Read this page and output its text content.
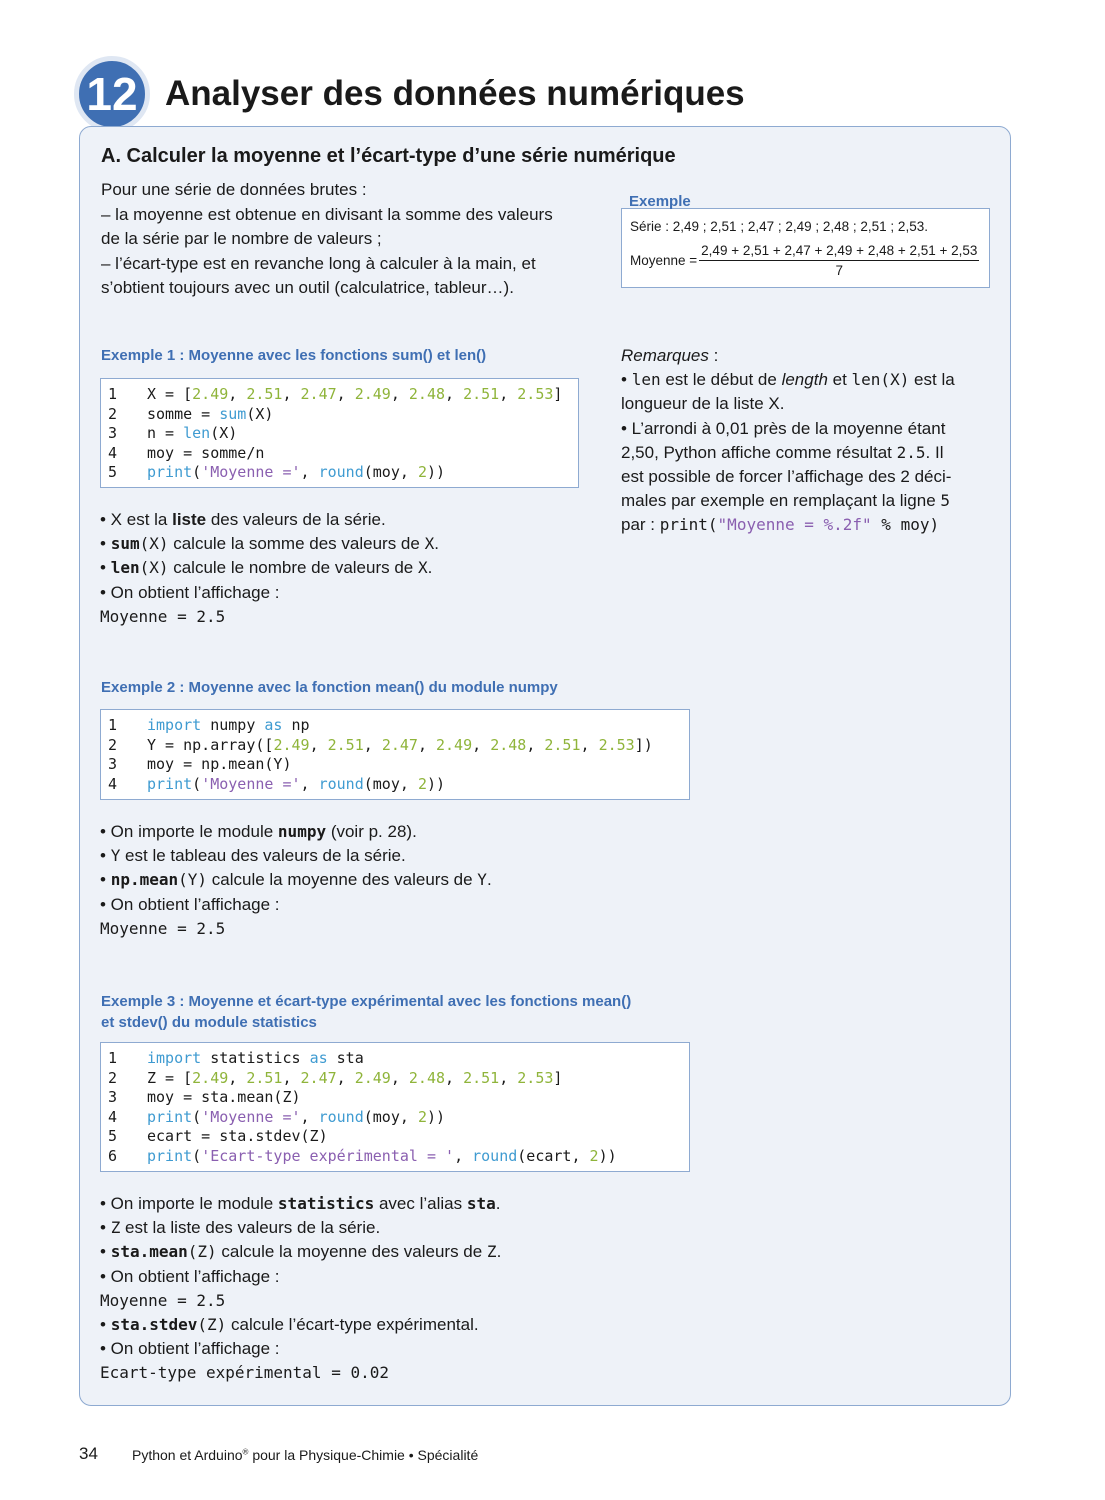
12 Analyser des données numériques
A. Calculer la moyenne et l’écart-type d’une série numérique
Pour une série de données brutes :
– la moyenne est obtenue en divisant la somme des valeurs
de la série par le nombre de valeurs ;
– l’écart-type est en revanche long à calculer à la main, et
s’obtient toujours avec un outil (calculatrice, tableur…).
Série : 2,49 ; 2,51 ; 2,47 ; 2,49 ; 2,48 ; 2,51 ; 2,53.
Moyenne = $\frac{2,49 + 2,51 + 2,47 + 2,49 + 2,48 + 2,51 + 2,53}{7}$
Exemple
Exemple 1 : Moyenne avec les fonctions sum() et len()
1	X = [2.49, 2.51, 2.47, 2.49, 2.48, 2.51, 2.53]
2	somme = sum(X)
3	n = len(X)
4	moy = somme/n
5	print('Moyenne =', round(moy, 2))
• X est la liste des valeurs de la série.
• sum(X) calcule la somme des valeurs de X.
• len(X) calcule le nombre de valeurs de X.
• On obtient l’affichage :
Moyenne = 2.5
Remarques :
• len est le début de length et len(X) est la
longueur de la liste X.
• L’arrondi à 0,01 près de la moyenne étant
2,50, Python affiche comme résultat 2.5. Il
est possible de forcer l’affichage des 2 déci-
males par exemple en remplaçant la ligne 5
par : print("Moyenne = %.2f" % moy)
Exemple 2 : Moyenne avec la fonction mean() du module numpy
1	import numpy as np
2	Y = np.array([2.49, 2.51, 2.47, 2.49, 2.48, 2.51, 2.53])
3	moy = np.mean(Y)
4	print('Moyenne =', round(moy, 2))
• On importe le module numpy (voir p. 28).
• Y est le tableau des valeurs de la série.
• np.mean(Y) calcule la moyenne des valeurs de Y.
• On obtient l’affichage :
Moyenne = 2.5
Exemple 3 : Moyenne et écart-type expérimental avec les fonctions mean()
et stdev() du module statistics
1	import statistics as sta
2	Z = [2.49, 2.51, 2.47, 2.49, 2.48, 2.51, 2.53]
3	moy = sta.mean(Z)
4	print('Moyenne =', round(moy, 2))
5	ecart = sta.stdev(Z)
6	print('Ecart-type expérimental = ', round(ecart, 2))
• On importe le module statistics avec l’alias sta.
• Z est la liste des valeurs de la série.
• sta.mean(Z) calcule la moyenne des valeurs de Z.
• On obtient l’affichage :
Moyenne = 2.5
• sta.stdev(Z) calcule l’écart-type expérimental.
• On obtient l’affichage :
Ecart-type expérimental = 0.02
34 Python et Arduino® pour la Physique-Chimie • Spécialité
